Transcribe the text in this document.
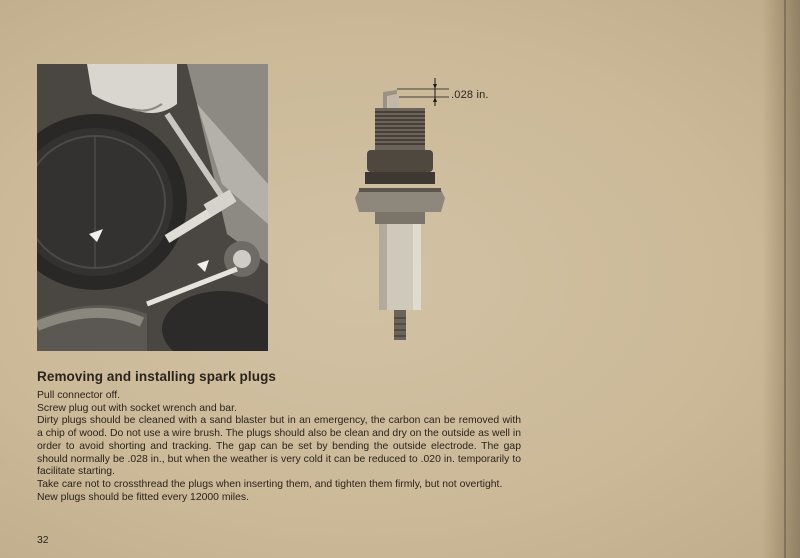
.028 in.
Removing and installing spark plugs

Pull connector off.

Screw plug out with socket wrench and bar.

Dirty plugs should be cleaned with a sand blaster but in an emergency, the carbon can be removed with a chip of wood. Do not use a wire brush. The plugs should also be clean and dry on the outside as well in order to avoid shorting and tracking. The gap can be set by bending the outside electrode. The gap should normally be .028 in., but when the weather is very cold it can be reduced to .020 in. temporarily to facilitate starting.

Take care not to crossthread the plugs when inserting them, and tighten them firmly, but not overtight.

New plugs should be fitted every 12000 miles.

32
